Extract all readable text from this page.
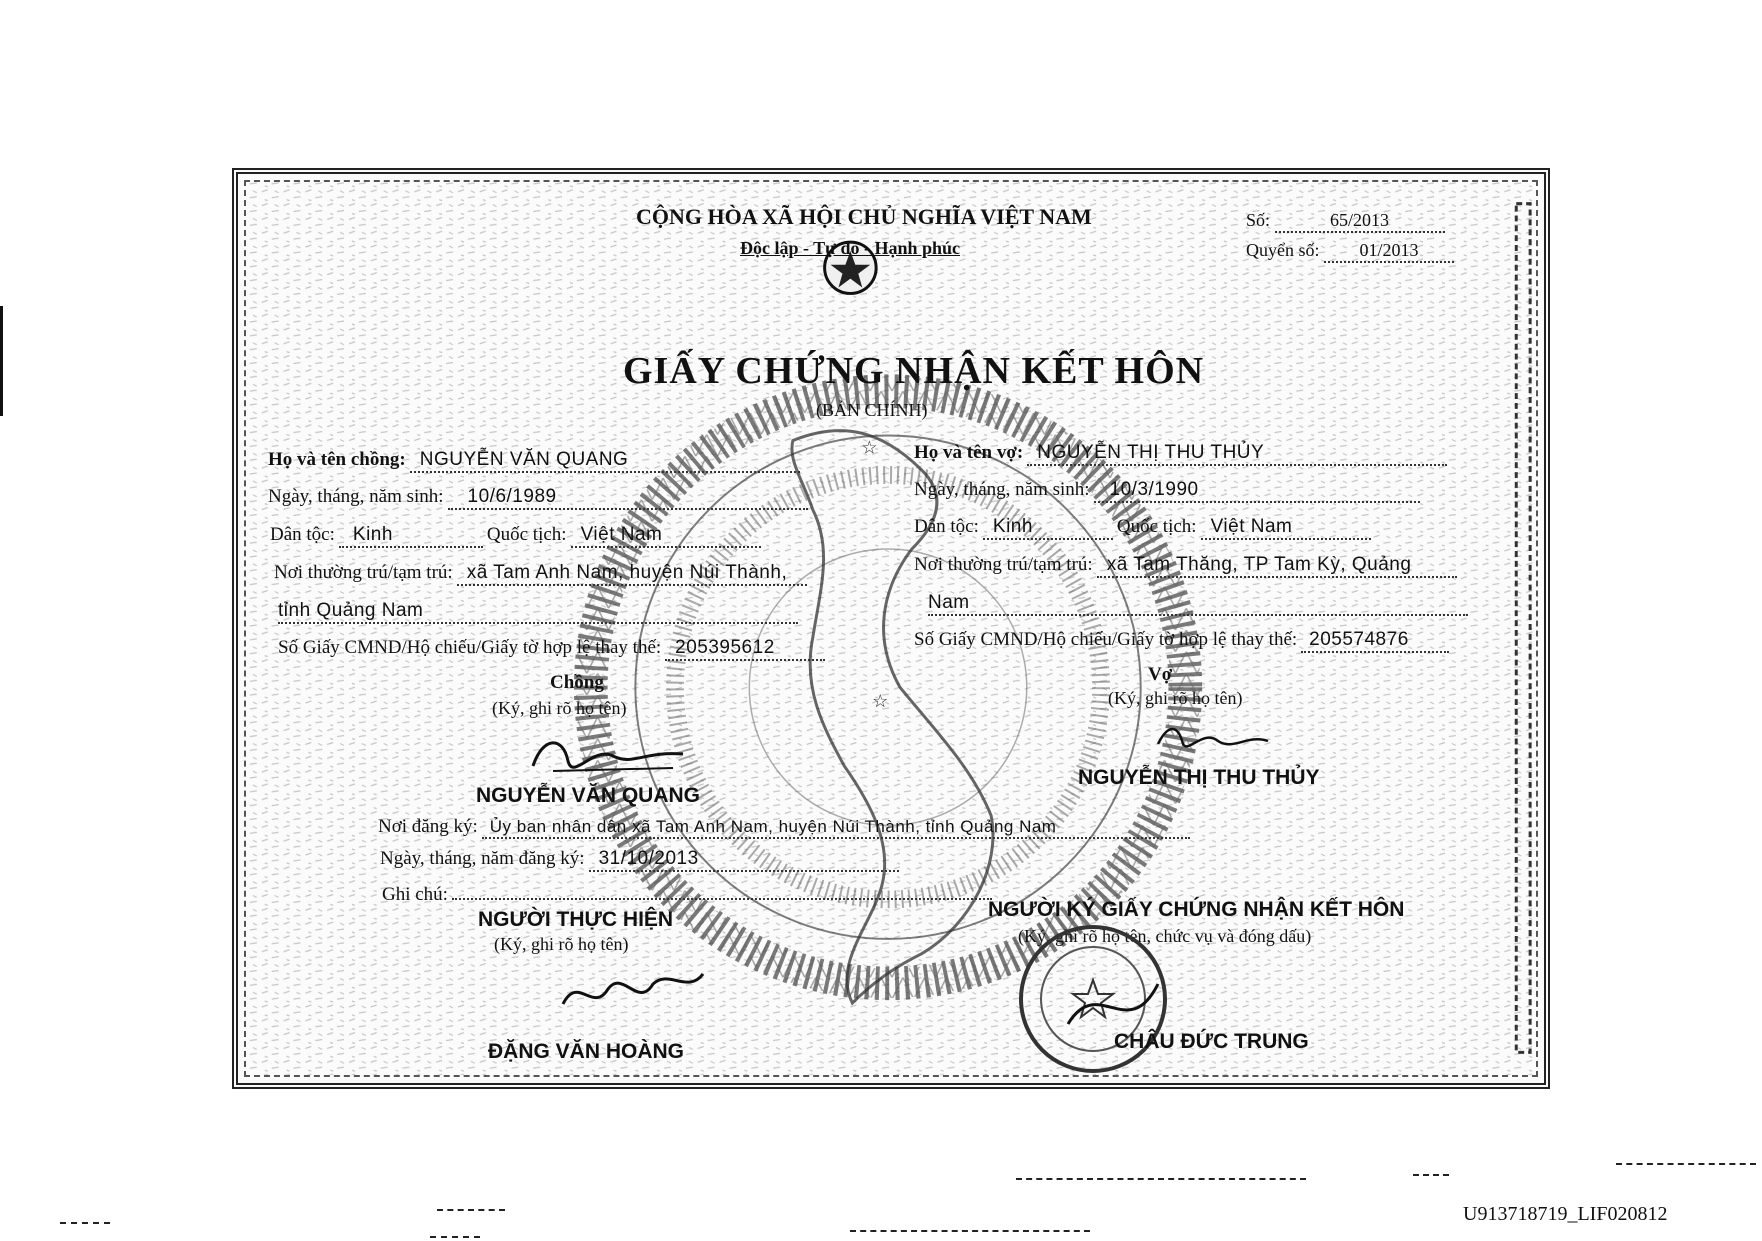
☆
☆
CỘNG HÒA XÃ HỘI CHỦ NGHĨA VIỆT NAM
Độc lập - Tự do - Hạnh phúc
Số:	65/2013
Quyển số: 01/2013
GIẤY CHỨNG NHẬN KẾT HÔN
(BẢN CHÍNH)
Họ và tên chồng: NGUYỄN VĂN QUANG
Ngày, tháng, năm sinh: 10/6/1989
Dân tộc: Kinh	Quốc tịch: Việt Nam
Nơi thường trú/tạm trú: xã Tam Anh Nam, huyện Núi Thành,
tỉnh Quảng Nam
Số Giấy CMND/Hộ chiếu/Giấy tờ hợp lệ thay thế: 205395612
Họ và tên vợ: NGUYỄN THỊ THU THỦY
Ngày, tháng, năm sinh: 10/3/1990
Dân tộc: Kinh	Quốc tịch: Việt Nam
Nơi thường trú/tạm trú: xã Tam Thăng, TP Tam Kỳ, Quảng
Nam
Số Giấy CMND/Hộ chiếu/Giấy tờ hợp lệ thay thế: 205574876
Chồng
(Ký, ghi rõ họ tên)
NGUYỄN VĂN QUANG
Vợ
(Ký, ghi rõ họ tên)
NGUYỄN THỊ THU THỦY
Nơi đăng ký: Ủy ban nhân dân xã Tam Anh Nam, huyện Núi Thành, tỉnh Quảng Nam
Ngày, tháng, năm đăng ký: 31/10/2013
Ghi chú:
NGƯỜI THỰC HIỆN
(Ký, ghi rõ họ tên)
ĐẶNG VĂN HOÀNG
NGƯỜI KÝ GIẤY CHỨNG NHẬN KẾT HÔN
(Ký, ghi rõ họ tên, chức vụ và đóng dấu)
CHÂU ĐỨC TRUNG
U913718719_LIF020812
